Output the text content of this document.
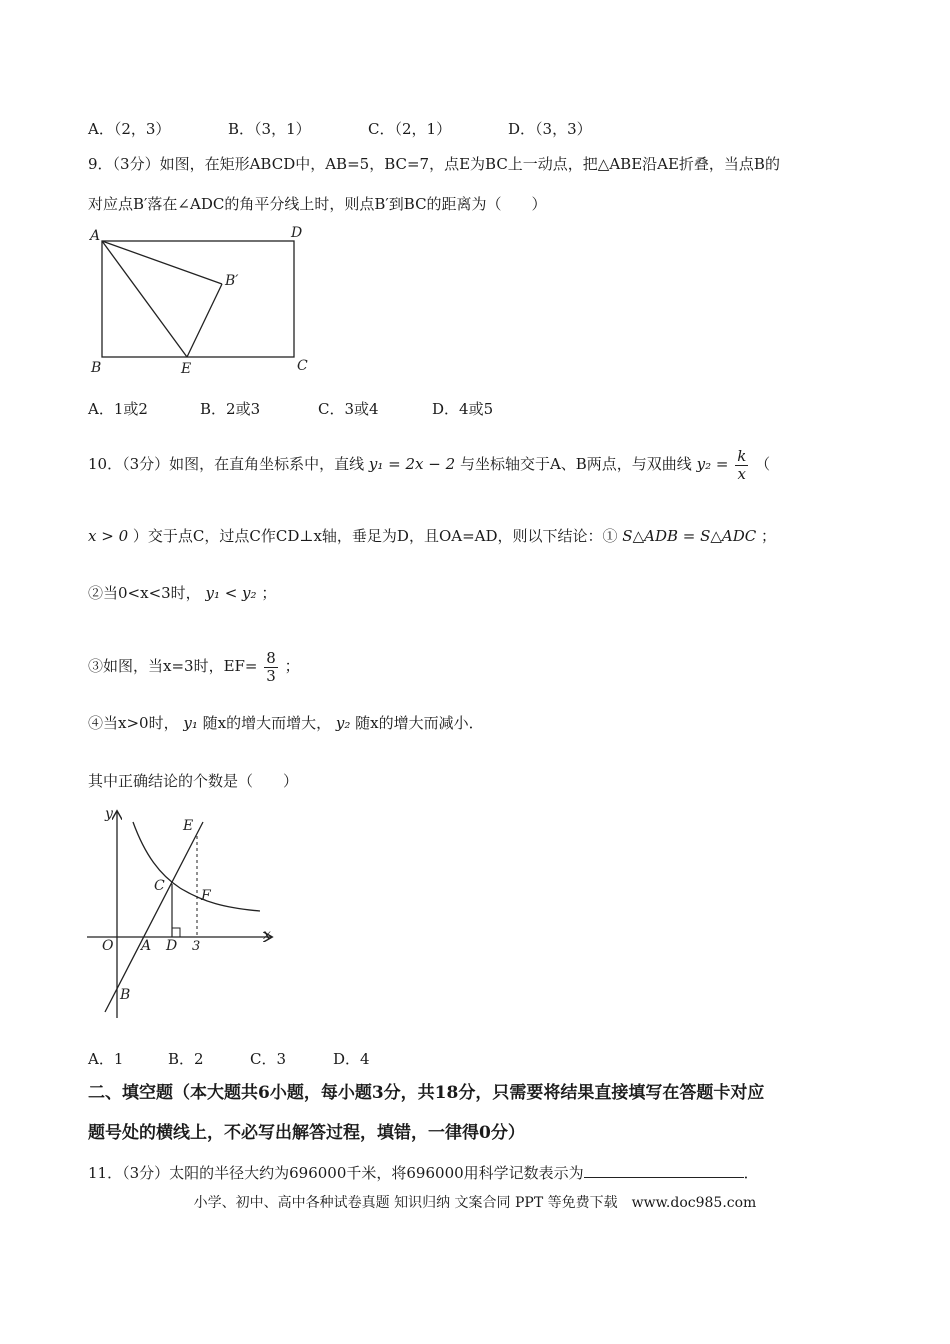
A．（2，3）	B．（3，1）	C．（2，1）	D．（3，3）
9．（3分）如图，在矩形ABCD中，AB=5，BC=7，点E为BC上一动点，把△ABE沿AE折叠，当点B的
对应点B′落在∠ADC的角平分线上时，则点B′到BC的距离为（　　）
A	D
B′
B	E	C
A．1或2	B．2或3	C．3或4	D．4或5
10．（3分）如图，在直角坐标系中，直线 y₁ = 2x − 2 与坐标轴交于A、B两点，与双曲线 $y_2 = \frac{k}{x}$ （
x > 0 ）交于点C，过点C作CD⊥x轴，垂足为D，且OA=AD，则以下结论：① S△ADB = S△ADC ；
②当0<x<3时， y₁ < y₂ ；
③如图，当x=3时，$EF= \frac{8}{3}$ ；
④当x>0时， y₁ 随x的增大而增大， y₂ 随x的增大而减小．
其中正确结论的个数是（　　）
y
x
E
C
F
O A D 3
B
A．1	B．2	C．3	D．4
二、填空题（本大题共6小题，每小题3分，共18分，只需要将结果直接填写在答题卡对应
题号处的横线上，不必写出解答过程，填错，一律得0分）
11．（3分）太阳的半径大约为696000千米，将696000用科学记数表示为	．
小学、初中、高中各种试卷真题 知识归纳 文案合同 PPT 等免费下载　www.doc985.com
